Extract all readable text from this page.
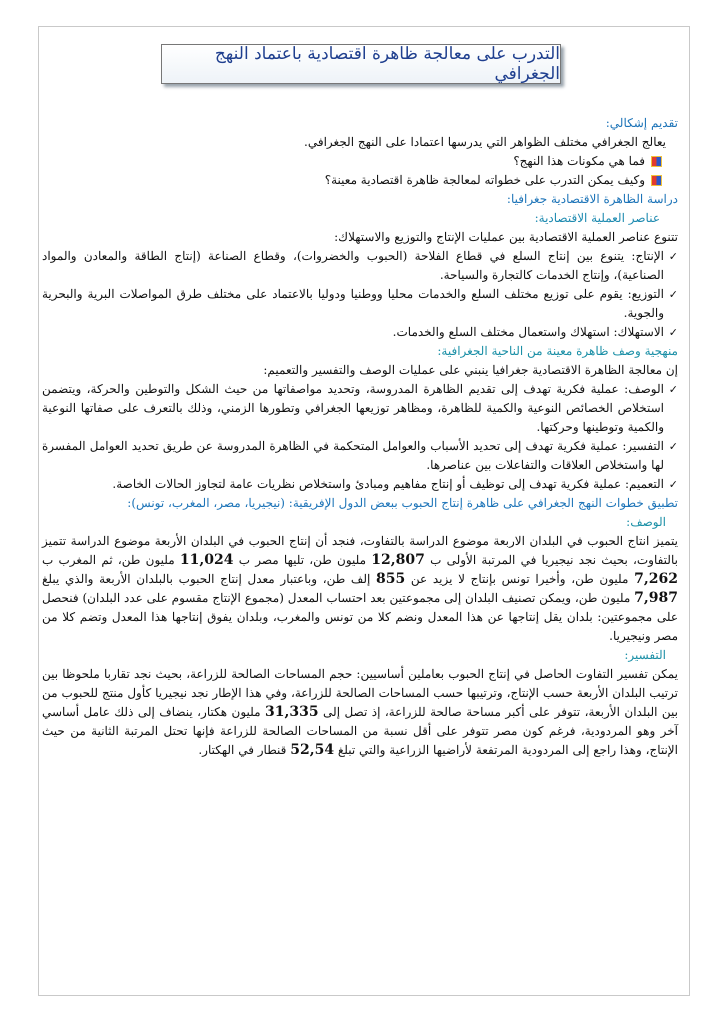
التدرب على معالجة ظاهرة اقتصادية باعتماد النهج الجغرافي

تقديم إشكالي:

يعالج الجغرافي مختلف الظواهر التي يدرسها اعتمادا على النهج الجغرافي.

فما هي مكونات هذا النهج؟
وكيف يمكن التدرب على خطواته لمعالجة ظاهرة اقتصادية معينة؟

دراسة الظاهرة الاقتصادية جغرافيا:

عناصر العملية الاقتصادية:

تتنوع عناصر العملية الاقتصادية بين عمليات الإنتاج والتوزيع والاستهلاك:

✓
الإنتاج: يتنوع بين إنتاج السلع في قطاع الفلاحة (الحبوب والخضروات)، وقطاع الصناعة (إنتاج الطاقة والمعادن والمواد الصناعية)، وإنتاج الخدمات كالتجارة والسياحة.
✓
التوزيع: يقوم على توزيع مختلف السلع والخدمات محليا ووطنيا ودوليا بالاعتماد على مختلف طرق المواصلات البرية والبحرية والجوية.
✓
الاستهلاك: استهلاك واستعمال مختلف السلع والخدمات.

منهجية وصف ظاهرة معينة من الناحية الجغرافية:

إن معالجة الظاهرة الاقتصادية جغرافيا ينبني على عمليات الوصف والتفسير والتعميم:

✓
الوصف: عملية فكرية تهدف إلى تقديم الظاهرة المدروسة، وتحديد مواصفاتها من حيث الشكل والتوطين والحركة، ويتضمن استخلاص الخصائص النوعية والكمية للظاهرة، ومظاهر توزيعها الجغرافي وتطورها الزمني، وذلك بالتعرف على صفاتها النوعية والكمية وتوطينها وحركتها.
✓
التفسير: عملية فكرية تهدف إلى تحديد الأسباب والعوامل المتحكمة في الظاهرة المدروسة عن طريق تحديد العوامل المفسرة لها واستخلاص العلاقات والتفاعلات بين عناصرها.
✓
التعميم: عملية فكرية تهدف إلى توظيف أو إنتاج مفاهيم ومبادئ واستخلاص نظريات عامة لتجاوز الحالات الخاصة.

تطبيق خطوات النهج الجغرافي على ظاهرة إنتاج الحبوب ببعض الدول الإفريقية: (نيجيريا، مصر، المغرب، تونس):

الوصف:

يتميز انتاج الحبوب في البلدان الاربعة موضوع الدراسة بالتفاوت، فنجد أن إنتاج الحبوب في البلدان الأربعة موضوع الدراسة تتميز بالتفاوت، بحيث نجد نيجيريا في المرتبة الأولى ب 12,807 مليون طن، تليها مصر ب 11,024 مليون طن، ثم المغرب ب 7,262 مليون طن، وأخيرا تونس بإنتاج لا يزيد عن 855 إلف طن، وباعتبار معدل إنتاج الحبوب بالبلدان الأربعة والذي يبلغ 7,987 مليون طن، ويمكن تصنيف البلدان إلى مجموعتين بعد احتساب المعدل (مجموع الإنتاج مقسوم على عدد البلدان) فنحصل على مجموعتين: بلدان يقل إنتاجها عن هذا المعدل ونضم كلا من تونس والمغرب، وبلدان يفوق إنتاجها هذا المعدل وتضم كلا من مصر ونيجيريا.

التفسير:

يمكن تفسير التفاوت الحاصل في إنتاج الحبوب بعاملين أساسيين: حجم المساحات الصالحة للزراعة، بحيث نجد تقاربا ملحوظا بين ترتيب البلدان الأربعة حسب الإنتاج، وترتيبها حسب المساحات الصالحة للزراعة، وفي هذا الإطار نجد نيجيريا كأول منتج للحبوب من بين البلدان الأربعة، تتوفر على أكبر مساحة صالحة للزراعة، إذ تصل إلى 31,335 مليون هكتار، ينضاف إلى ذلك عامل أساسي آخر وهو المردودية، فرغم كون مصر تتوفر على أقل نسبة من المساحات الصالحة للزراعة فإنها تحتل المرتبة الثانية من حيث الإنتاج، وهذا راجع إلى المردودية المرتفعة لأراضيها الزراعية والتي تبلغ 52,54 قنطار في الهكتار.
